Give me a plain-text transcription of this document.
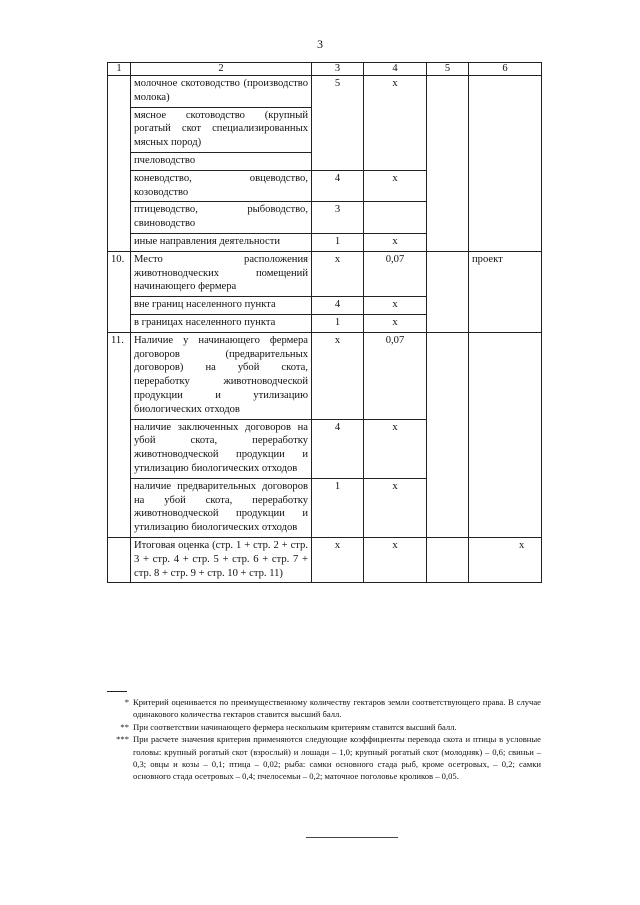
3
1	2	3	4	5	6
	молочное скотоводство (производство молока)	5	x		
	мясное скотоводство (крупный рогатый скот специализированных мясных пород)				
	пчеловодство				
	коневодство, овцеводство, козоводство	4	x		
	птицеводство, рыбоводство, свиноводство	3			
	иные направления деятельности	1	x		
10.	Место расположения животноводческих помещений начинающего фермера	x	0,07		проект
	вне границ населенного пункта	4	x		
	в границах населенного пункта	1	x		
11.	Наличие у начинающего фермера договоров (предварительных договоров) на убой скота, переработку животноводческой продукции и утилизацию биологических отходов	x	0,07		
	наличие заключенных договоров на убой скота, переработку животноводческой продукции и утилизацию биологических отходов	4	x		
	наличие предварительных договоров на убой скота, переработку животноводческой продукции и утилизацию биологических отходов	1	x		
	Итоговая оценка (стр. 1 + стр. 2 + стр. 3 + стр. 4 + стр. 5 + стр. 6 + стр. 7 + стр. 8 + стр. 9 + стр. 10 + стр. 11)	x	x		x
* Критерий оценивается по преимущественному количеству гектаров земли соответствующего права. В случае одинакового количества гектаров ставится высший балл.
** При соответствии начинающего фермера нескольким критериям ставится высший балл.
*** При расчете значения критерия применяются следующие коэффициенты перевода скота и птицы в условные головы: крупный рогатый скот (взрослый) и лошади – 1,0; крупный рогатый скот (молодняк) – 0,6; свиньи – 0,3; овцы и козы – 0,1; птица – 0,02; рыба: самки основного стада рыб, кроме осетровых, – 0,2; самки основного стада осетровых – 0,4; пчелосемьи – 0,2; маточное поголовье кроликов – 0,05.
